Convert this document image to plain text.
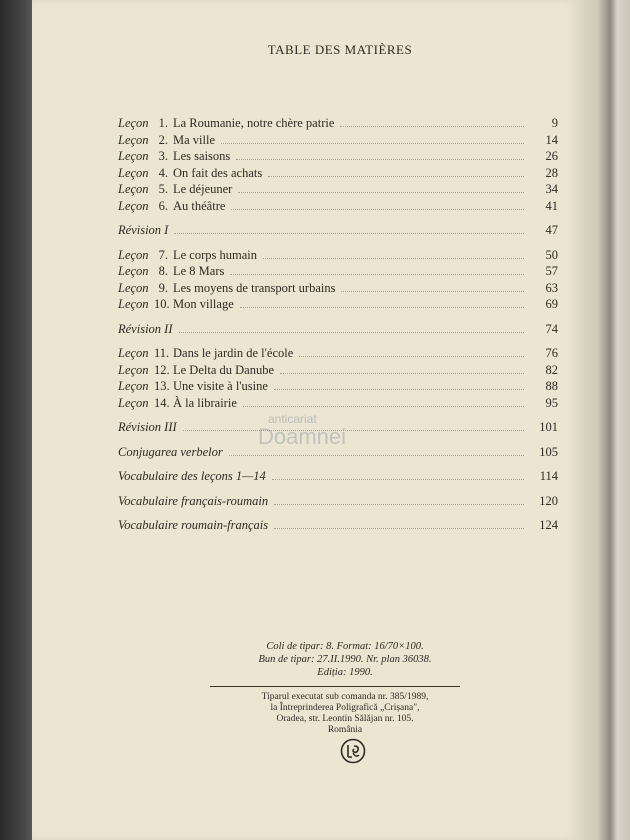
TABLE DES MATIÈRES
Leçon 1. La Roumanie, notre chère patrie	9
Leçon 2. Ma ville	14
Leçon 3. Les saisons	26
Leçon 4. On fait des achats	28
Leçon 5. Le déjeuner	34
Leçon 6. Au théâtre	41
Révision I	47
Leçon 7. Le corps humain	50
Leçon 8. Le 8 Mars	57
Leçon 9. Les moyens de transport urbains	63
Leçon 10. Mon village	69
Révision II	74
Leçon 11. Dans le jardin de l'école	76
Leçon 12. Le Delta du Danube	82
Leçon 13. Une visite à l'usine	88
Leçon 14. À la librairie	95
Révision III	101
Conjugarea verbelor	105
Vocabulaire des leçons 1—14	114
Vocabulaire français-roumain	120
Vocabulaire roumain-français	124
anticariat
Doamnei
Coli de tipar: 8. Format: 16/70×100.
Bun de tipar: 27.II.1990. Nr. plan 36038.
Ediția: 1990.
Tiparul executat sub comanda nr. 385/1989,
la Întreprinderea Poligrafică „Crișana",
Oradea, str. Leontin Sălăjan nr. 105.
România
